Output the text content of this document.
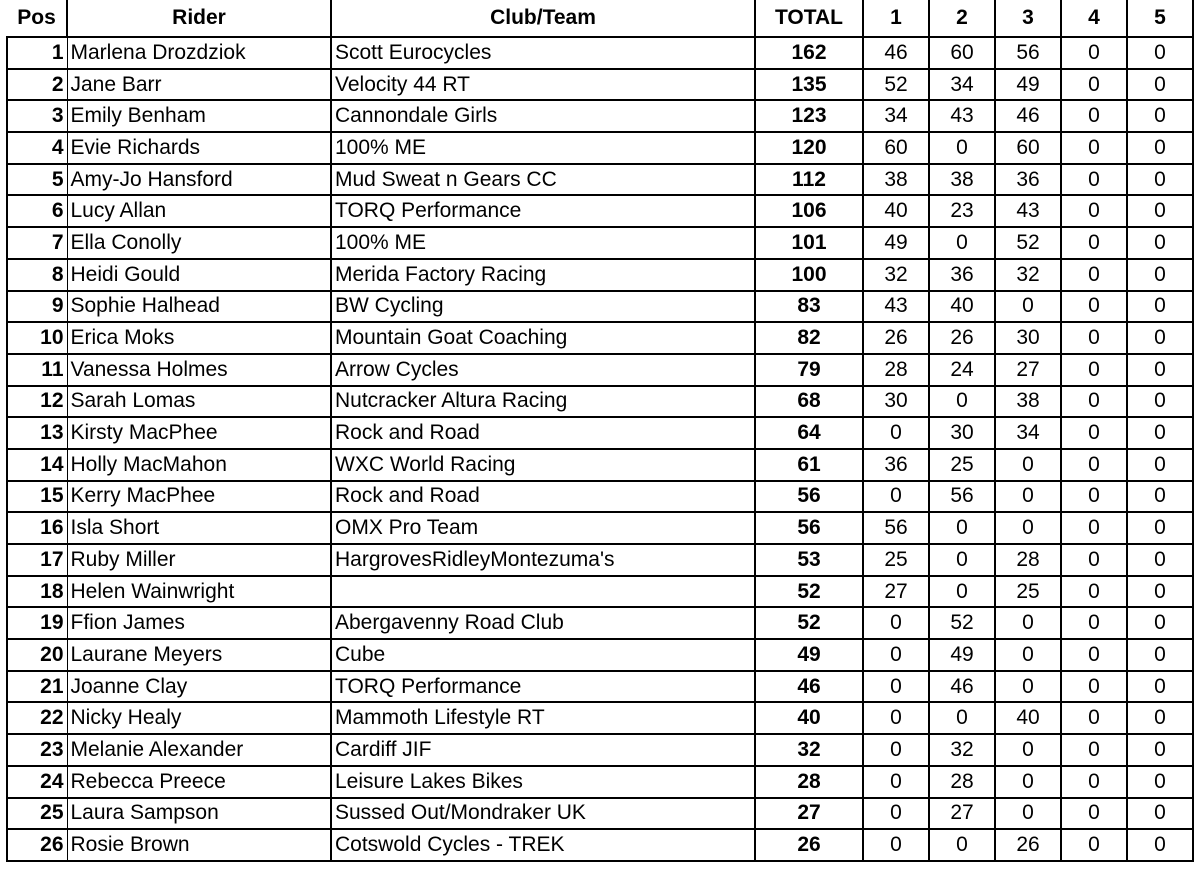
Pos	Rider	Club/Team	TOTAL	1	2	3	4	5
1	Marlena Drozdziok	Scott Eurocycles	162	46	60	56	0	0
2	Jane Barr	Velocity 44 RT	135	52	34	49	0	0
3	Emily Benham	Cannondale Girls	123	34	43	46	0	0
4	Evie Richards	100% ME	120	60	0	60	0	0
5	Amy-Jo Hansford	Mud Sweat n Gears CC	112	38	38	36	0	0
6	Lucy Allan	TORQ Performance	106	40	23	43	0	0
7	Ella Conolly	100% ME	101	49	0	52	0	0
8	Heidi Gould	Merida Factory Racing	100	32	36	32	0	0
9	Sophie Halhead	BW Cycling	83	43	40	0	0	0
10	Erica Moks	Mountain Goat Coaching	82	26	26	30	0	0
11	Vanessa Holmes	Arrow Cycles	79	28	24	27	0	0
12	Sarah Lomas	Nutcracker Altura Racing	68	30	0	38	0	0
13	Kirsty MacPhee	Rock and Road	64	0	30	34	0	0
14	Holly MacMahon	WXC World Racing	61	36	25	0	0	0
15	Kerry MacPhee	Rock and Road	56	0	56	0	0	0
16	Isla Short	OMX Pro Team	56	56	0	0	0	0
17	Ruby Miller	HargrovesRidleyMontezuma's	53	25	0	28	0	0
18	Helen Wainwright		52	27	0	25	0	0
19	Ffion James	Abergavenny Road Club	52	0	52	0	0	0
20	Laurane Meyers	Cube	49	0	49	0	0	0
21	Joanne Clay	TORQ Performance	46	0	46	0	0	0
22	Nicky Healy	Mammoth Lifestyle RT	40	0	0	40	0	0
23	Melanie Alexander	Cardiff JIF	32	0	32	0	0	0
24	Rebecca Preece	Leisure Lakes Bikes	28	0	28	0	0	0
25	Laura Sampson	Sussed Out/Mondraker UK	27	0	27	0	0	0
26	Rosie Brown	Cotswold Cycles - TREK	26	0	0	26	0	0
